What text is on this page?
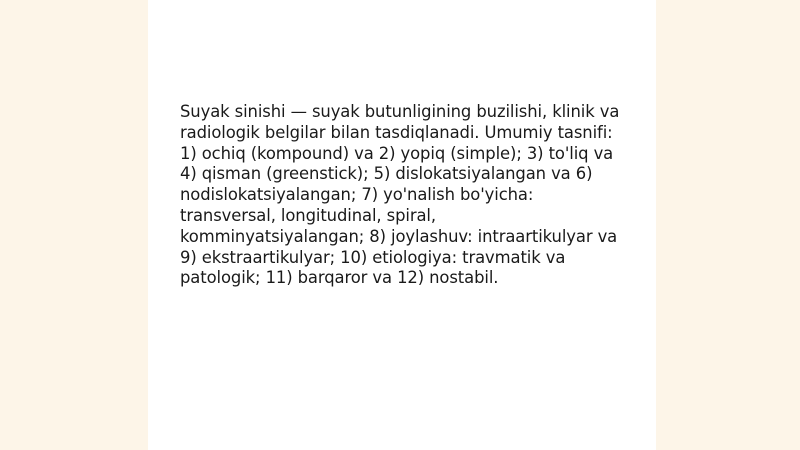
Suyak sinishi — suyak butunligining buzilishi, klinik va
radiologik belgilar bilan tasdiqlanadi. Umumiy tasnifi:
1) ochiq (kompound) va 2) yopiq (simple); 3) to'liq va
4) qisman (greenstick); 5) dislokatsiyalangan va 6)
nodislokatsiyalangan; 7) yo'nalish bo'yicha:
transversal, longitudinal, spiral,
komminyatsiyalangan; 8) joylashuv: intraartikulyar va
9) ekstraartikulyar; 10) etiologiya: travmatik va
patologik; 11) barqaror va 12) nostabil.
